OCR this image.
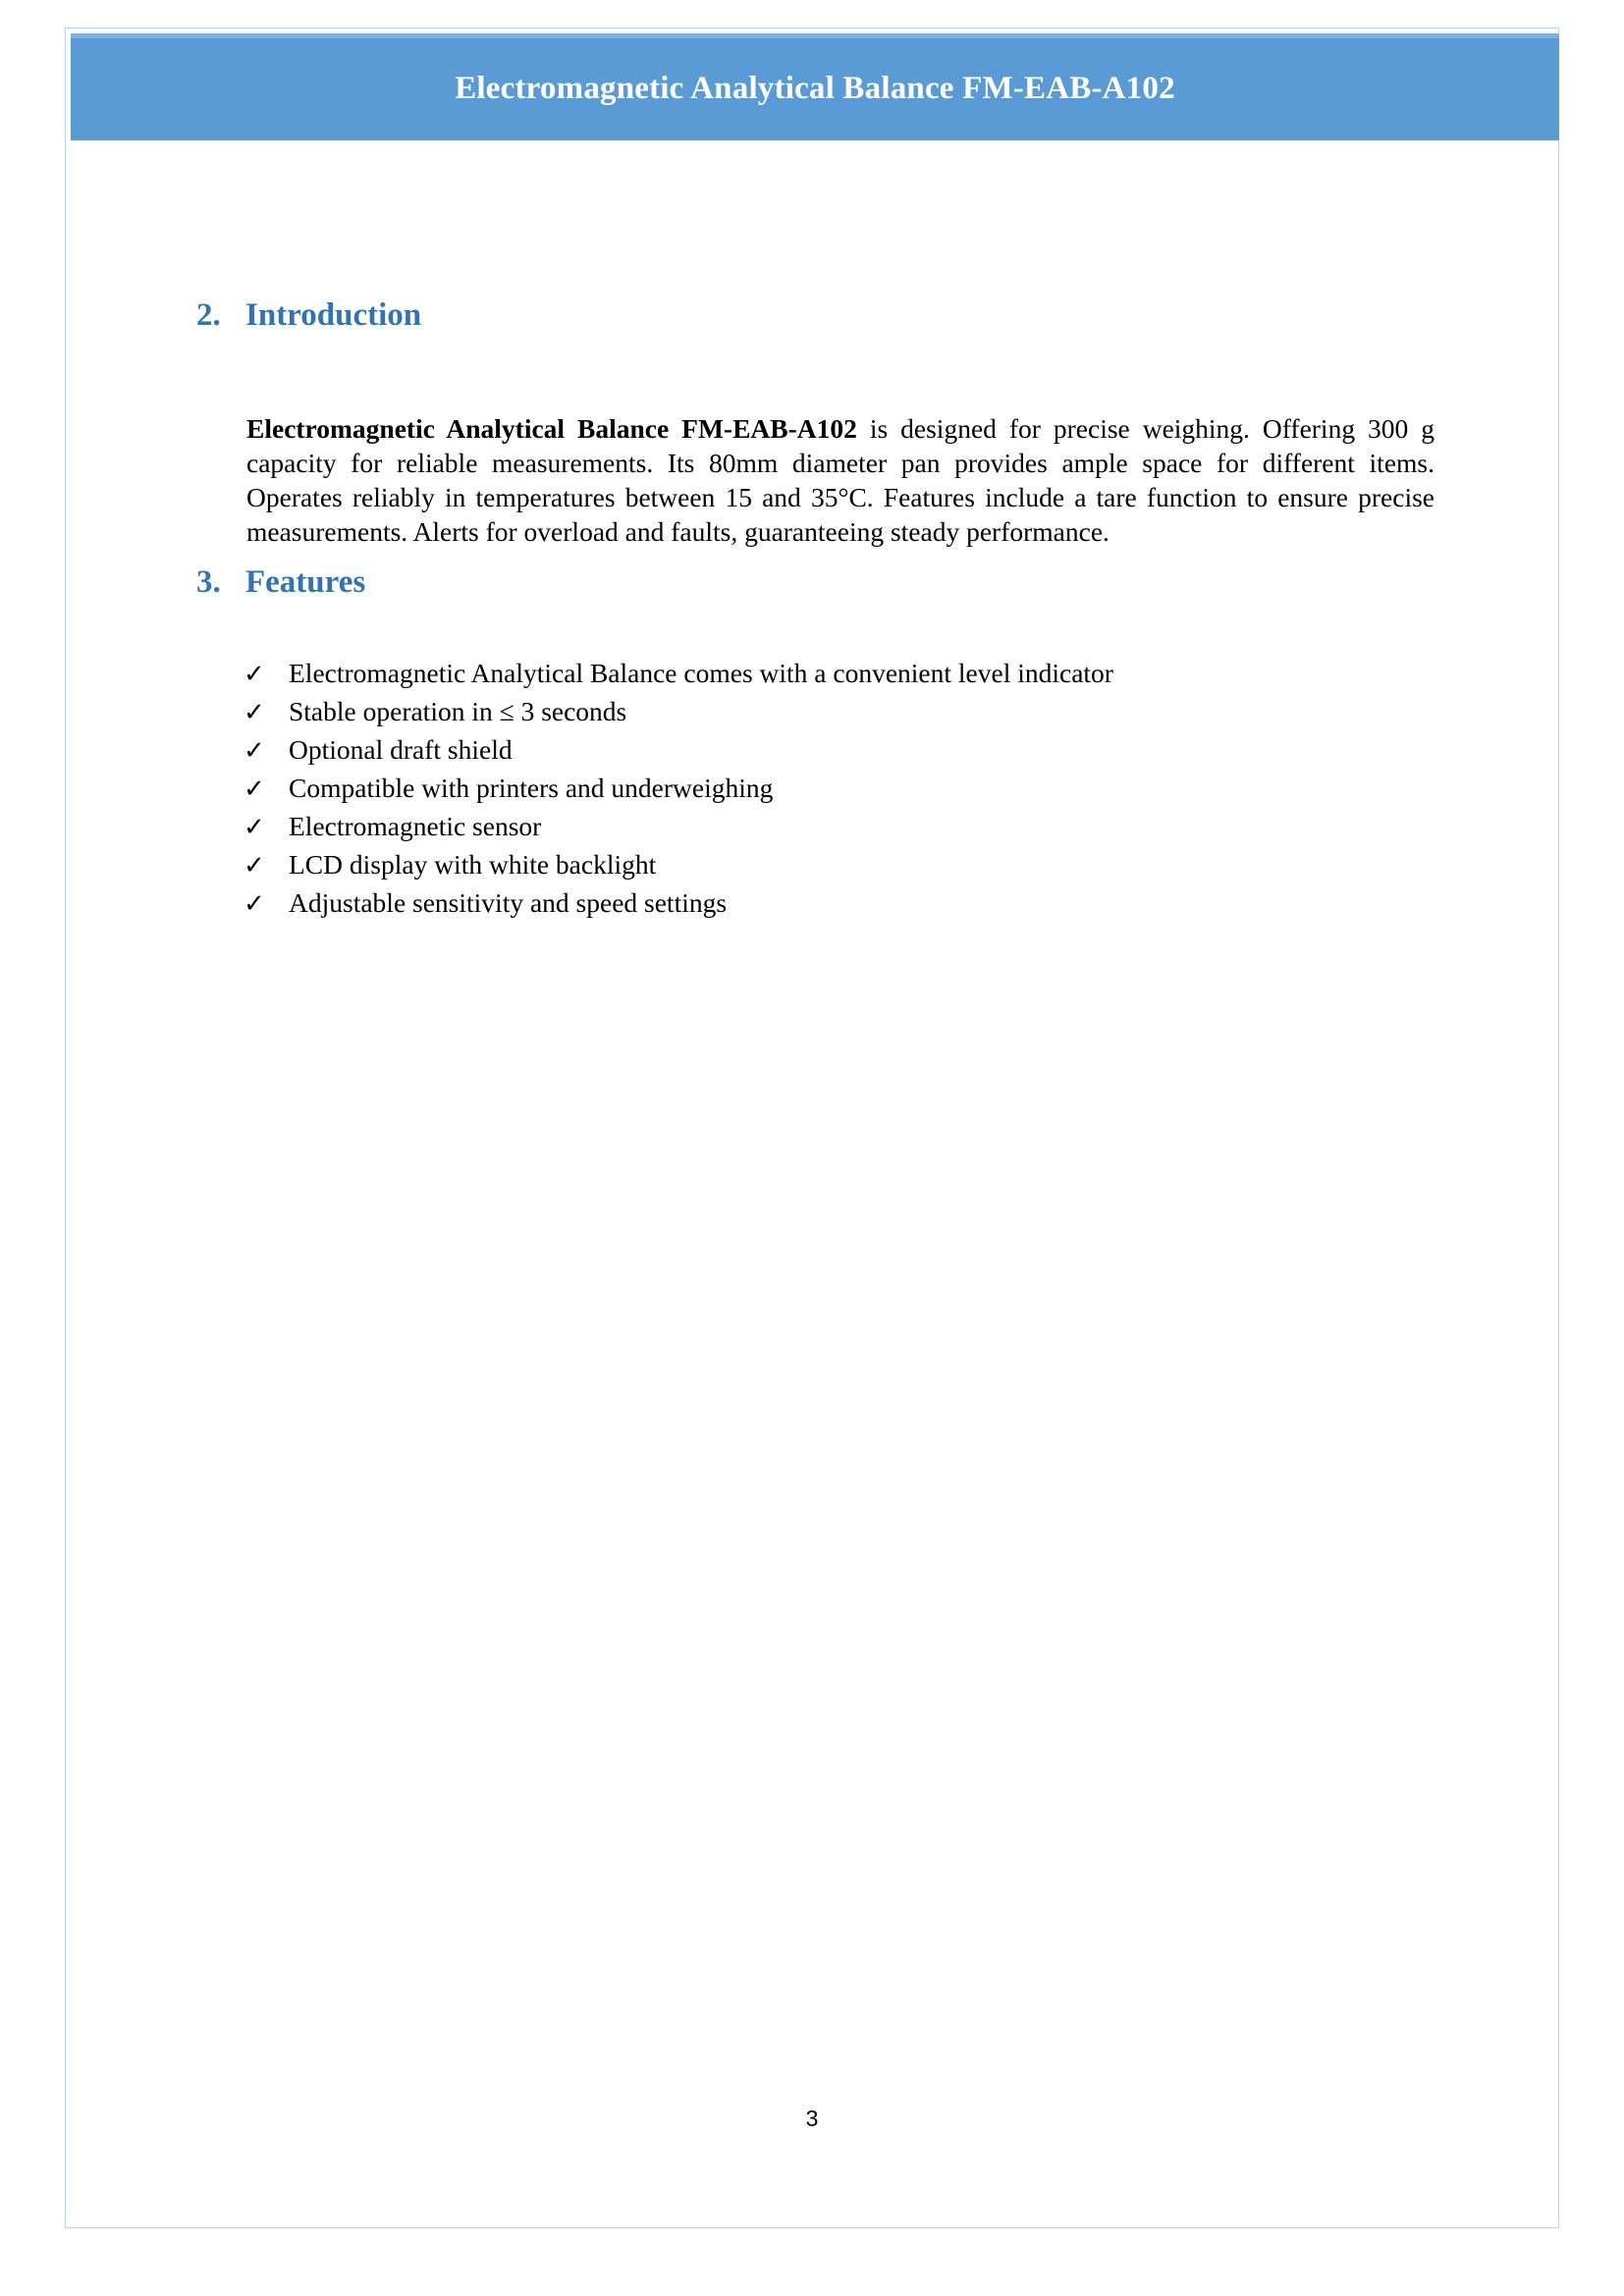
Electromagnetic Analytical Balance FM-EAB-A102
2. Introduction

Electromagnetic Analytical Balance FM-EAB-A102 is designed for precise weighing. Offering 300 g capacity for reliable measurements. Its 80mm diameter pan provides ample space for different items. Operates reliably in temperatures between 15 and 35°C. Features include a tare function to ensure precise measurements. Alerts for overload and faults, guaranteeing steady performance.

3. Features
✓ Electromagnetic Analytical Balance comes with a convenient level indicator
✓ Stable operation in ≤ 3 seconds
✓ Optional draft shield
✓ Compatible with printers and underweighing
✓ Electromagnetic sensor
✓ LCD display with white backlight
✓ Adjustable sensitivity and speed settings
3
